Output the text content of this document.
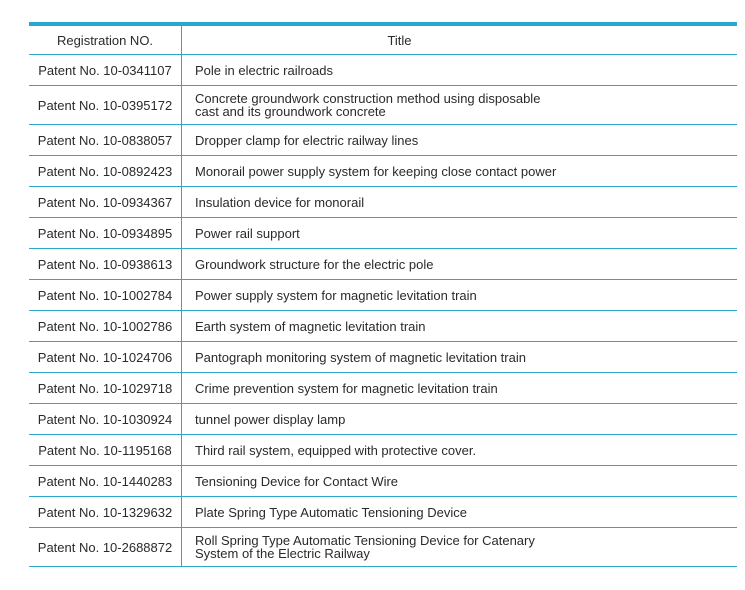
Registration NO.	Title
Patent No. 10-0341107	Pole in electric railroads

Patent No. 10-0395172	Concrete groundwork construction method using disposable
cast and its groundwork concrete

Patent No. 10-0838057	Dropper clamp for electric railway lines

Patent No. 10-0892423	Monorail power supply system for keeping close contact power

Patent No. 10-0934367	Insulation device for monorail

Patent No. 10-0934895	Power rail support

Patent No. 10-0938613	Groundwork structure for the electric pole

Patent No. 10-1002784	Power supply system for magnetic levitation train

Patent No. 10-1002786	Earth system of magnetic levitation train

Patent No. 10-1024706	Pantograph monitoring system of magnetic levitation train

Patent No. 10-1029718	Crime prevention system for magnetic levitation train

Patent No. 10-1030924	tunnel power display lamp

Patent No. 10-1195168	Third rail system, equipped with protective cover.

Patent No. 10-1440283	Tensioning Device for Contact Wire

Patent No. 10-1329632	Plate Spring Type Automatic Tensioning Device

Patent No. 10-2688872	Roll Spring Type Automatic Tensioning Device for Catenary
System of the Electric Railway
